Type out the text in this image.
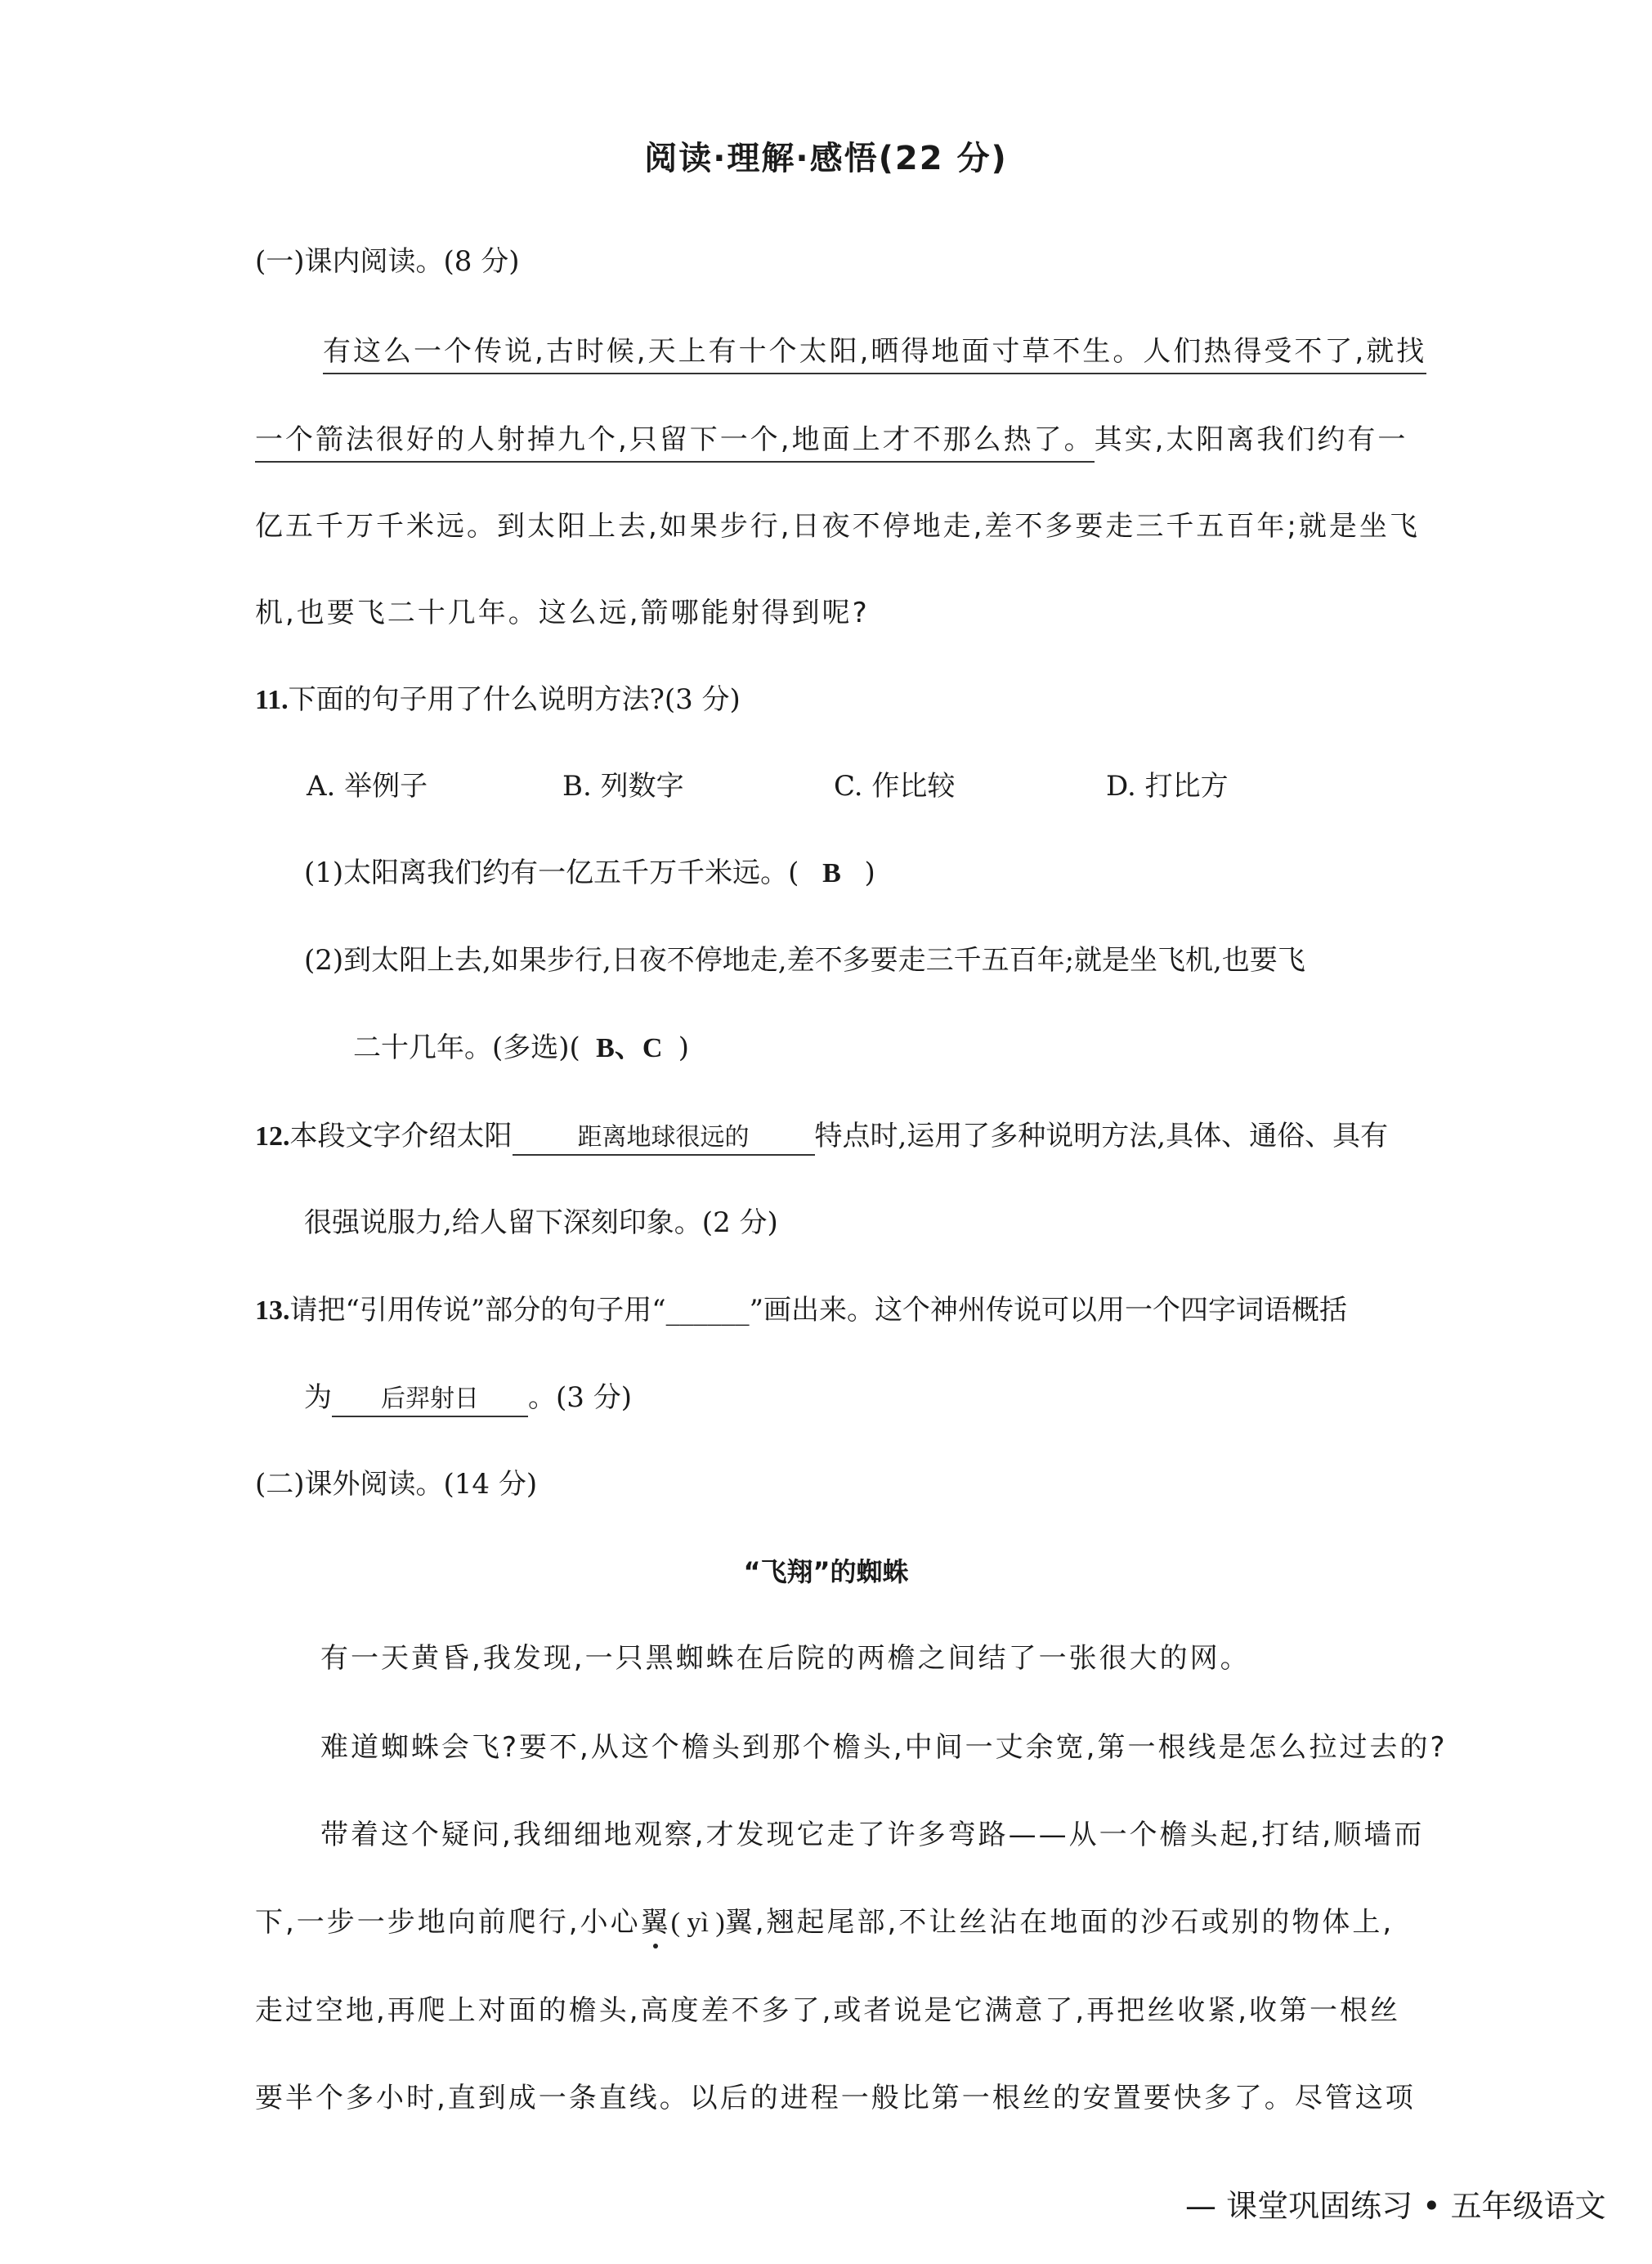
阅读·理解·感悟(22 分)
(一)课内阅读。(8 分)
有这么一个传说,古时候,天上有十个太阳,晒得地面寸草不生。人们热得受不了,就找
一个箭法很好的人射掉九个,只留下一个,地面上才不那么热了。其实,太阳离我们约有一
亿五千万千米远。到太阳上去,如果步行,日夜不停地走,差不多要走三千五百年;就是坐飞
机,也要飞二十几年。这么远,箭哪能射得到呢?
11.下面的句子用了什么说明方法?(3 分)
A. 举例子	B. 列数字	C. 作比较	D. 打比方
(1)太阳离我们约有一亿五千万千米远。( B )
(2)到太阳上去,如果步行,日夜不停地走,差不多要走三千五百年;就是坐飞机,也要飞
二十几年。(多选)( B、C )
12.本段文字介绍太阳	距离地球很远的 特点时,运用了多种说明方法,具体、通俗、具有
很强说服力,给人留下深刻印象。(2 分)
13.请把“引用传说”部分的句子用“______”画出来。这个神州传说可以用一个四字词语概括
为 后羿射日 。(3 分)
(二)课外阅读。(14 分)
“飞翔”的蜘蛛
有一天黄昏,我发现,一只黑蜘蛛在后院的两檐之间结了一张很大的网。
难道蜘蛛会飞?要不,从这个檐头到那个檐头,中间一丈余宽,第一根线是怎么拉过去的?
带着这个疑问,我细细地观察,才发现它走了许多弯路——从一个檐头起,打结,顺墙而
下,一步一步地向前爬行,小心翼( yì )翼,翘起尾部,不让丝沾在地面的沙石或别的物体上,
走过空地,再爬上对面的檐头,高度差不多了,或者说是它满意了,再把丝收紧,收第一根丝
要半个多小时,直到成一条直线。以后的进程一般比第一根丝的安置要快多了。尽管这项
— 课堂巩固练习 • 五年级语文
